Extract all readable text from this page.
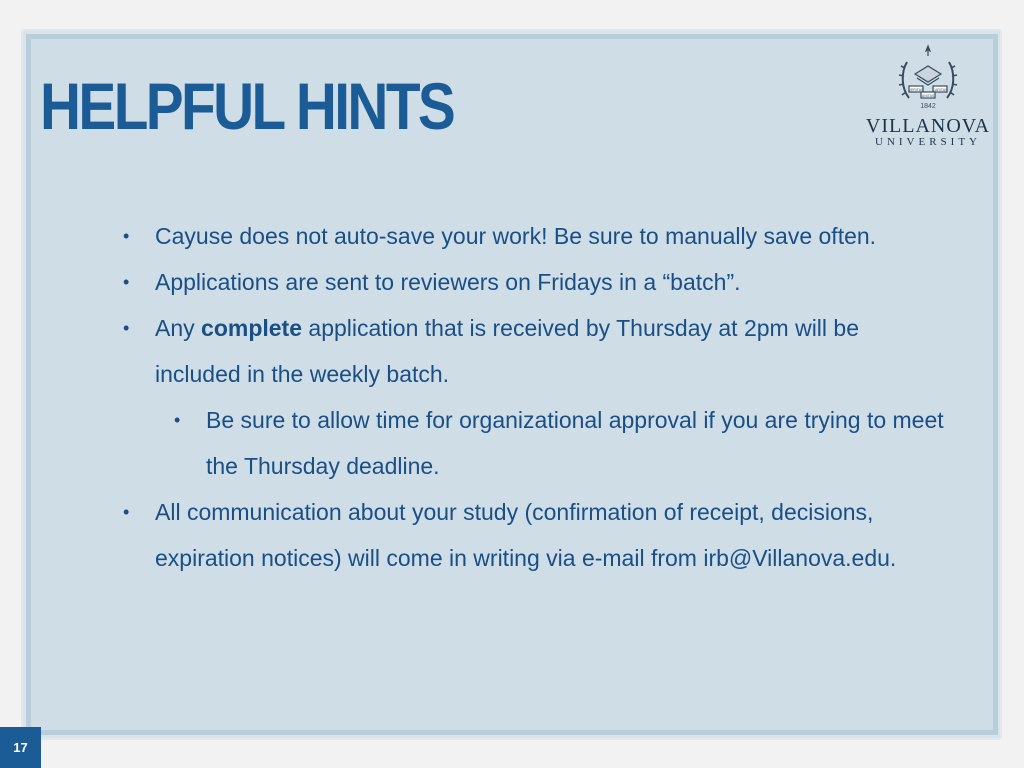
HELPFUL HINTS	VERITAS	CARITAS
UNITAS
1842
VILLANOVA
UNIVERSITY
• Cayuse does not auto-save your work! Be sure to manually save often.
• Applications are sent to reviewers on Fridays in a “batch”.
• Any complete application that is received by Thursday at 2pm will be included in the weekly batch.
• Be sure to allow time for organizational approval if you are trying to meet the Thursday deadline.
• All communication about your study (confirmation of receipt, decisions, expiration notices) will come in writing via e-mail from irb@Villanova.edu.
17
